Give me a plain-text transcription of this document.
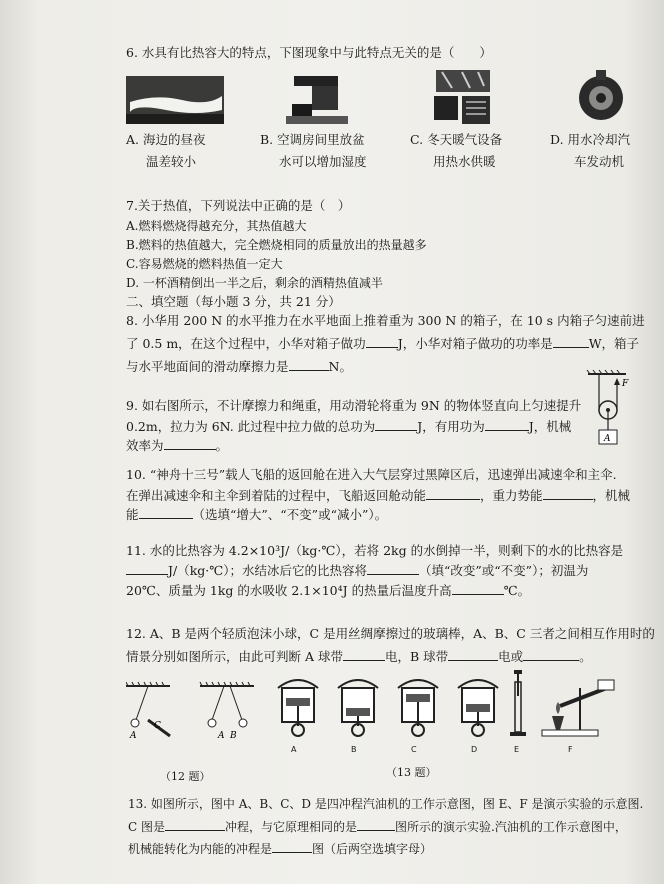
6. 水具有比热容大的特点，下图现象中与此特点无关的是（　　）
A. 海边的昼夜
温差较小
B. 空调房间里放盆
水可以增加湿度
C. 冬天暖气设备
用热水供暖
D. 用水冷却汽
车发动机
7.关于热值，下列说法中正确的是（　）
A.燃料燃烧得越充分，其热值越大
B.燃料的热值越大，完全燃烧相同的质量放出的热量越多
C.容易燃烧的燃料热值一定大
D. 一杯酒精倒出一半之后，剩余的酒精热值减半
二、填空题（每小题 3 分，共 21 分）
8. 小华用 200 N 的水平推力在水平地面上推着重为 300 N 的箱子，在 10 s 内箱子匀速前进
了 0.5 m，在这个过程中，小华对箱子做功	J，小华对箱子做功的功率是	W，箱子
与水平地面间的滑动摩擦力是	N。
9. 如右图所示，不计摩擦力和绳重，用动滑轮将重为 9N 的物体竖直向上匀速提升
0.2m，拉力为 6N. 此过程中拉力做的总功为	J，有用功为	J，机械
效率为	。
F
A
10. “神舟十三号”载人飞船的返回舱在进入大气层穿过黑障区后，迅速弹出减速伞和主伞.
在弹出减速伞和主伞到着陆的过程中，飞船返回舱动能	，重力势能	，机械
能	（选填“增大”、“不变”或“减小”）。
11. 水的比热容为 4.2×10³J/（kg·℃），若将 2kg 的水倒掉一半，则剩下的水的比热容是
J/（kg·℃）；水结冰后它的比热容将	（填“改变”或“不变”）；初温为
20℃、质量为 1kg 的水吸收 2.1×10⁴J 的热量后温度升高	℃。
12. A、B 是两个轻质泡沫小球，C 是用丝绸摩擦过的玻璃棒，A、B、C 三者之间相互作用时的
情景分别如图所示，由此可判断 A 球带	电，B 球带	电或	。
A
C
A B
A	B	C	D	E	F
（12 题）	（13 题）
13. 如图所示，图中 A、B、C、D 是四冲程汽油机的工作示意图，图 E、F 是演示实验的示意图.
C 图是	冲程，与它原理相同的是	图所示的演示实验.汽油机的工作示意图中，
机械能转化为内能的冲程是	图（后两空选填字母）
